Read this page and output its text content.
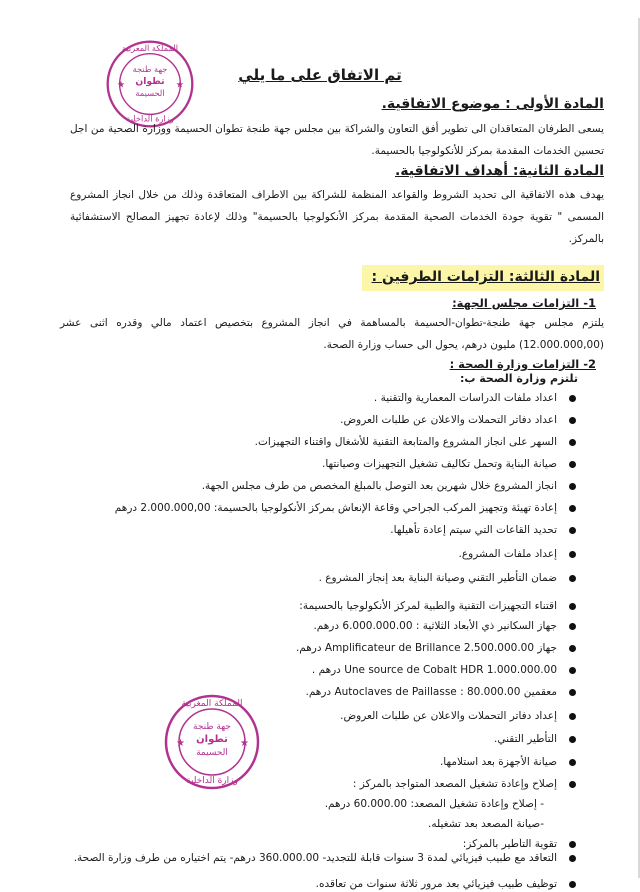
المملكة المغربية
جهة طنجة
تطوان
الحسيمة
وزارة الداخلية
★	★
المملكة المغربية
جهة طنجة
تطوان
الحسيمة
وزارة الداخلية
★	★
تم الاتفاق على ما يلي
المادة الأولى : موضوع الاتفاقية.
يسعى الطرفان المتعاقدان الى تطوير أفق التعاون والشراكة بين مجلس جهة طنجة تطوان الحسيمة ووزارة الصحية من اجل تحسين الخدمات المقدمة بمركز للأنكولوجيا بالحسيمة.
المادة الثانية: أهداف الاتفاقية.
يهدف هذه الاتفاقية الى تحديد الشروط والقواعد المنظمة للشراكة بين الاطراف المتعاقدة وذلك من خلال انجاز المشروع المسمى " تقوية جودة الخدمات الصحية المقدمة بمركز الأنكولوجيا بالحسيمة" وذلك لإعادة تجهيز المصالح الاستشفائية بالمركز.
المادة الثالثة: التزامات الطرفين :
1- التزامات مجلس الجهة:
يلتزم مجلس جهة طنجة-تطوان-الحسيمة بالمساهمة في انجاز المشروع بتخصيص اعتماد مالي وقدره اثنى عشر (12.000.000,00) مليون درهم، يحول الى حساب وزارة الصحة.
2- التزامات وزارة الصحة :
تلتزم وزارة الصحة ب:
اعداد ملفات الدراسات المعمارية والتقنية .
اعداد دفاتر التحملات والاعلان عن طلبات العروض.
السهر على انجاز المشروع والمتابعة التقنية للأشغال واقتناء التجهيزات.
صيانة البناية وتحمل تكاليف تشغيل التجهيزات وصيانتها.
انجاز المشروع خلال شهرين بعد التوصل بالمبلغ المخصص من طرف مجلس الجهة.
إعادة تهيئة وتجهيز المركب الجراحي وقاعة الإنعاش بمركز الأنكولوجيا بالحسيمة: 2.000.000,00 درهم
تحديد القاعات التي سيتم إعادة تأهيلها.
إعداد ملفات المشروع.
ضمان التأطير التقني وصيانة البناية بعد إنجاز المشروع .
اقتناء التجهيزات التقنية والطبية لمركز الأنكولوجيا بالحسيمة:
جهاز السكانير ذي الأبعاد الثلاثية : 6.000.000.00 درهم.
جهاز Amplificateur de Brillance 2.500.000.00 درهم.
1.000.000.00 Une source de Cobalt HDR درهم .
معقمين Autoclaves de Paillasse : 80.000.00 درهم.
إعداد دفاتر التحملات والاعلان عن طلبات العروض.
التأطير التقني.
صيانة الأجهزة بعد استلامها.
إصلاح وإعادة تشغيل المصعد المتواجد بالمركز :
- إصلاح وإعادة تشغيل المصعد: 60.000.00 درهم.
-صيانة المصعد بعد تشغيله.
تقوية التأطير بالمركز:
التعاقد مع طبيب فيزيائي لمدة 3 سنوات قابلة للتجديد- 360.000.00 درهم- يتم اختياره من طرف وزارة الصحة.
توظيف طبيب فيزيائي بعد مرور ثلاثة سنوات من تعاقده.
